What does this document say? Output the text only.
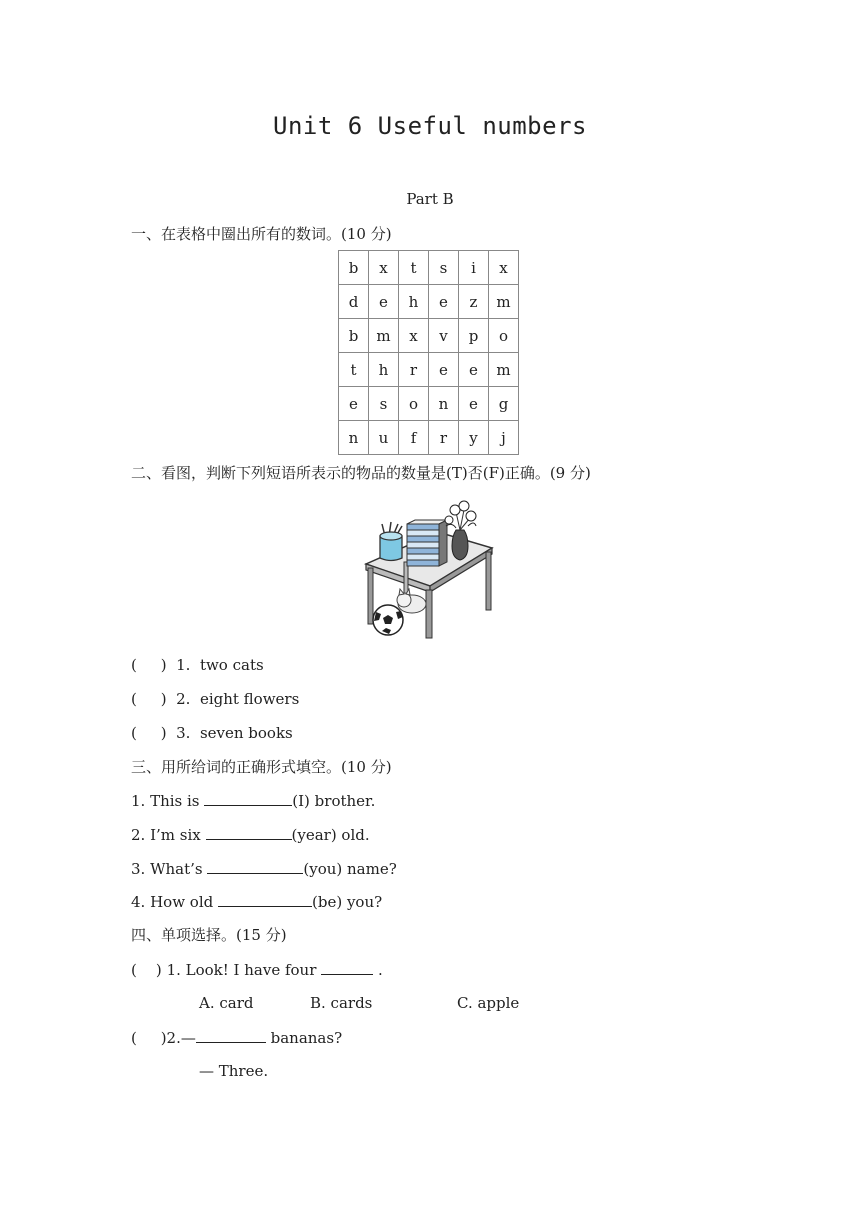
Unit 6 Useful numbers
Part B
一、在表格中圈出所有的数词。(10 分)
b	x	t	s	i	x
d	e	h	e	z	m
b	m	x	v	p	o
t	h	r	e	e	m
e	s	o	n	e	g
n	u	f	r	y	j
二、看图，判断下列短语所表示的物品的数量是(T)否(F)正确。(9 分)
(     ) 1.  two cats
(     ) 2.  eight flowers
(     ) 3.  seven books
三、用所给词的正确形式填空。(10 分)
1. This is	(I) brother.
2. I’m six	(year) old.
3. What’s	(you) name?
4. How old	(be) you?
四、单项选择。(15 分)
(    ) 1. Look! I have four	.
A. card	B. cards	C. apple
(     )2.—	bananas?
— Three.
